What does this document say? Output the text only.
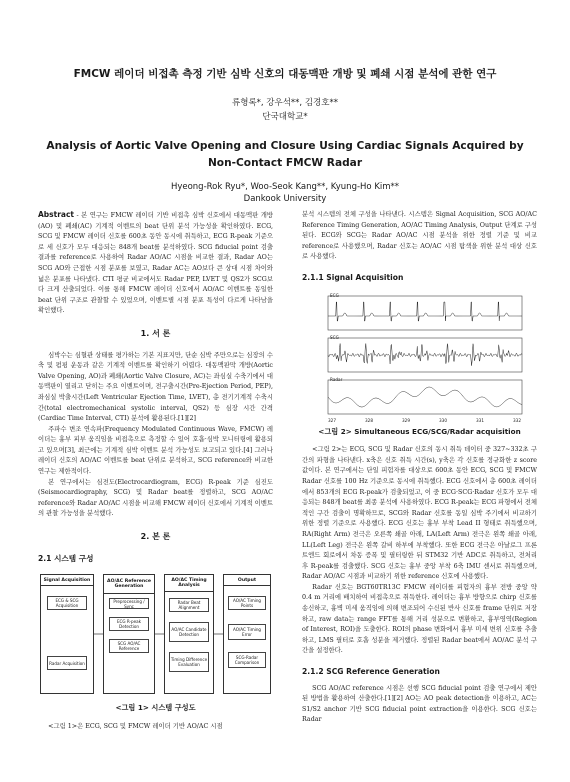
FMCW 레이더 비접촉 측정 기반 심박 신호의 대동맥판 개방 및 폐쇄 시점 분석에 관한 연구
류형록*, 강우석**, 김경호**
단국대학교*
Analysis of Aortic Valve Opening and Closure Using Cardiac Signals Acquired by
Non-Contact FMCW Radar
Hyeong-Rok Ryu*, Woo-Seok Kang**, Kyung-Ho Kim**
Dankook University

Abstract - 본 연구는 FMCW 레이더 기반 비접촉 심박 신호에서 대동맥판 개방(AO) 및 폐쇄(AC) 기계적 이벤트의 beat 단위 분석 가능성을 확인하였다. ECG, SCG 및 FMCW 레이더 신호를 600초 동안 동시에 취득하고, ECG R-peak 기준으로 세 신호가 모두 대응되는 848개 beat를 분석하였다. SCG fiducial point 검출 결과를 reference로 사용하여 Radar AO/AC 시점을 비교한 결과, Radar AO는 SCG AO와 근접한 시점 분포를 보였고, Radar AC는 AO보다 큰 상대 시점 차이와 넓은 분포를 나타냈다. CTI 평균 비교에서도 Radar PEP, LVET 및 QS2가 SCG보다 크게 산출되었다. 이를 통해 FMCW 레이더 신호에서 AO/AC 이벤트를 동일한 beat 단위 구조로 관찰할 수 있었으며, 이벤트별 시점 분포 특성이 다르게 나타남을 확인했다.

1. 서 론

심박수는 심혈관 상태를 평가하는 기본 지표지만, 단순 심박 주만으로는 심장의 수축 및 펌핑 운동과 같은 기계적 이벤트를 확인하기 어렵다. 대동맥판막 개방(Aortic Valve Opening, AO)과 폐쇄(Aortic Valve Closure, AC)는 좌심실 수축기에서 대동맥판이 열리고 닫히는 주요 이벤트이며, 전구출시간(Pre-Ejection Period, PEP), 좌심실 박출시간(Left Ventricular Ejection Time, LVET), 총 전기기계적 수축시간(total electromechanical systolic interval, QS2) 등 심장 시간 간격(Cardiac Time Interval, CTI) 분석에 활용된다.[1][2]

주파수 변조 연속파(Frequency Modulated Continuous Wave, FMCW) 레이더는 흉부 피부 움직임을 비접촉으로 측정할 수 있어 호흡·심박 모니터링에 활용되고 있으며[3], 최근에는 기계적 심박 이벤트 분석 가능성도 보고되고 있다.[4] 그러나 레이더 신호의 AO/AC 이벤트를 beat 단위로 분석하고, SCG reference와 비교한 연구는 제한적이다.

본 연구에서는 심전도(Electrocardiogram, ECG) R-peak 기준 심진도(Seismocardiography, SCG) 및 Radar beat를 정렬하고, SCG AO/AC reference와 Radar AO/AC 시점을 비교해 FMCW 레이더 신호에서 기계적 이벤트의 관찰 가능성을 분석했다.

2. 본 론
2.1 시스템 구성
Signal Acquisition	AO/AC Reference Generation
AO/AC Timing Analysis
Output
ECG & SCG Acquisition
Radar Acquisition
Preprocessing / Sync
ECG R-peak Detection
SCG AO/AC Reference
Radar Beat Alignment
AO/AC Candidate Detection
Timing Difference Evaluation
AO/AC Timing Points
AO/AC Timing Error
SCG-Radar Comparison
<그림 1> 시스템 구성도

<그림 1>은 ECG, SCG 및 FMCW 레이더 기반 AO/AC 시점

분석 시스템의 전체 구성을 나타낸다. 시스템은 Signal Acquisition, SCG AO/AC Reference Timing Generation, AO/AC Timing Analysis, Output 단계로 구성된다. ECG와 SCG는 Radar AO/AC 시점 분석을 위한 정렬 기준 및 비교 reference로 사용했으며, Radar 신호는 AO/AC 시점 탐색을 위한 분석 대상 신호로 사용했다.

2.1.1 Signal Acquisition
ECG
SCG
Radar
327	328	329	330	331	332
<그림 2> Simultaneous ECG/SCG/Radar acquisition

<그림 2>는 ECG, SCG 및 Radar 신호의 동시 취득 데이터 중 327~332초 구간의 파형을 나타낸다. x축은 신호 취득 시간(s), y축은 각 신호를 정규화한 z score 값이다. 본 연구에서는 단일 피험자를 대상으로 600초 동안 ECG, SCG 및 FMCW Radar 신호를 100 Hz 기준으로 동시에 취득했다. ECG 신호에서 총 600초 레이더에서 853개의 ECG R-peak가 검출되었고, 이 중 ECG·SCG·Radar 신호가 모두 대응되는 848개 beat를 최종 분석에 사용하였다. ECG R-peak는 ECG 파형에서 전체적인 구간 검출이 명확하므로, SCG와 Radar 신호를 동일 심박 주기에서 비교하기 위한 정렬 기준으로 사용했다. ECG 신호는 흉부 부착 Lead II 형태로 취득했으며, RA(Right Arm) 전극은 오른쪽 쇄골 아래, LA(Left Arm) 전극은 왼쪽 쇄골 아래, LL(Left Leg) 전극은 왼쪽 갈비 하부에 부착했다. 또한 ECG 전극은 아날로그 프론트엔드 회로에서 차동 증폭 및 필터링한 뒤 STM32 기반 ADC로 취득하고, 전처리 후 R-peak를 검출했다. SCG 신호는 흉부 중앙 부착 6축 IMU 센서로 취득했으며, Radar AO/AC 시점과 비교하기 위한 reference 신호에 사용했다.

Radar 신호는 BGT60TR13C FMCW 레이더를 피험자의 흉부 전방 중앙 약 0.4 m 거리에 배치하여 비접촉으로 취득한다. 레이더는 흉부 방향으로 chirp 신호를 송신하고, 흉벽 미세 움직임에 의해 변조되어 수신된 반사 신호를 frame 단위로 저장하고, raw data는 range FFT를 통해 거리 성분으로 변환하고, 흉부영역(Region of Interest, ROI)을 도출한다. ROI의 phase 변화에서 흉부 미세 변위 신호를 추출하고, LMS 필터로 호흡 성분을 제거했다. 정렬된 Radar beat에서 AO/AC 분석 구간을 설정한다.

2.1.2 SCG Reference Generation

SCG AO/AC reference 시점은 선행 SCG fiducial point 검출 연구에서 제안된 방법을 활용하여 산출한다.[1][2] AO는 AO peak detection을 이용하고, AC는 S1/S2 anchor 기반 SCG fiducial point extraction을 이용한다. SCG 신호는 Radar
